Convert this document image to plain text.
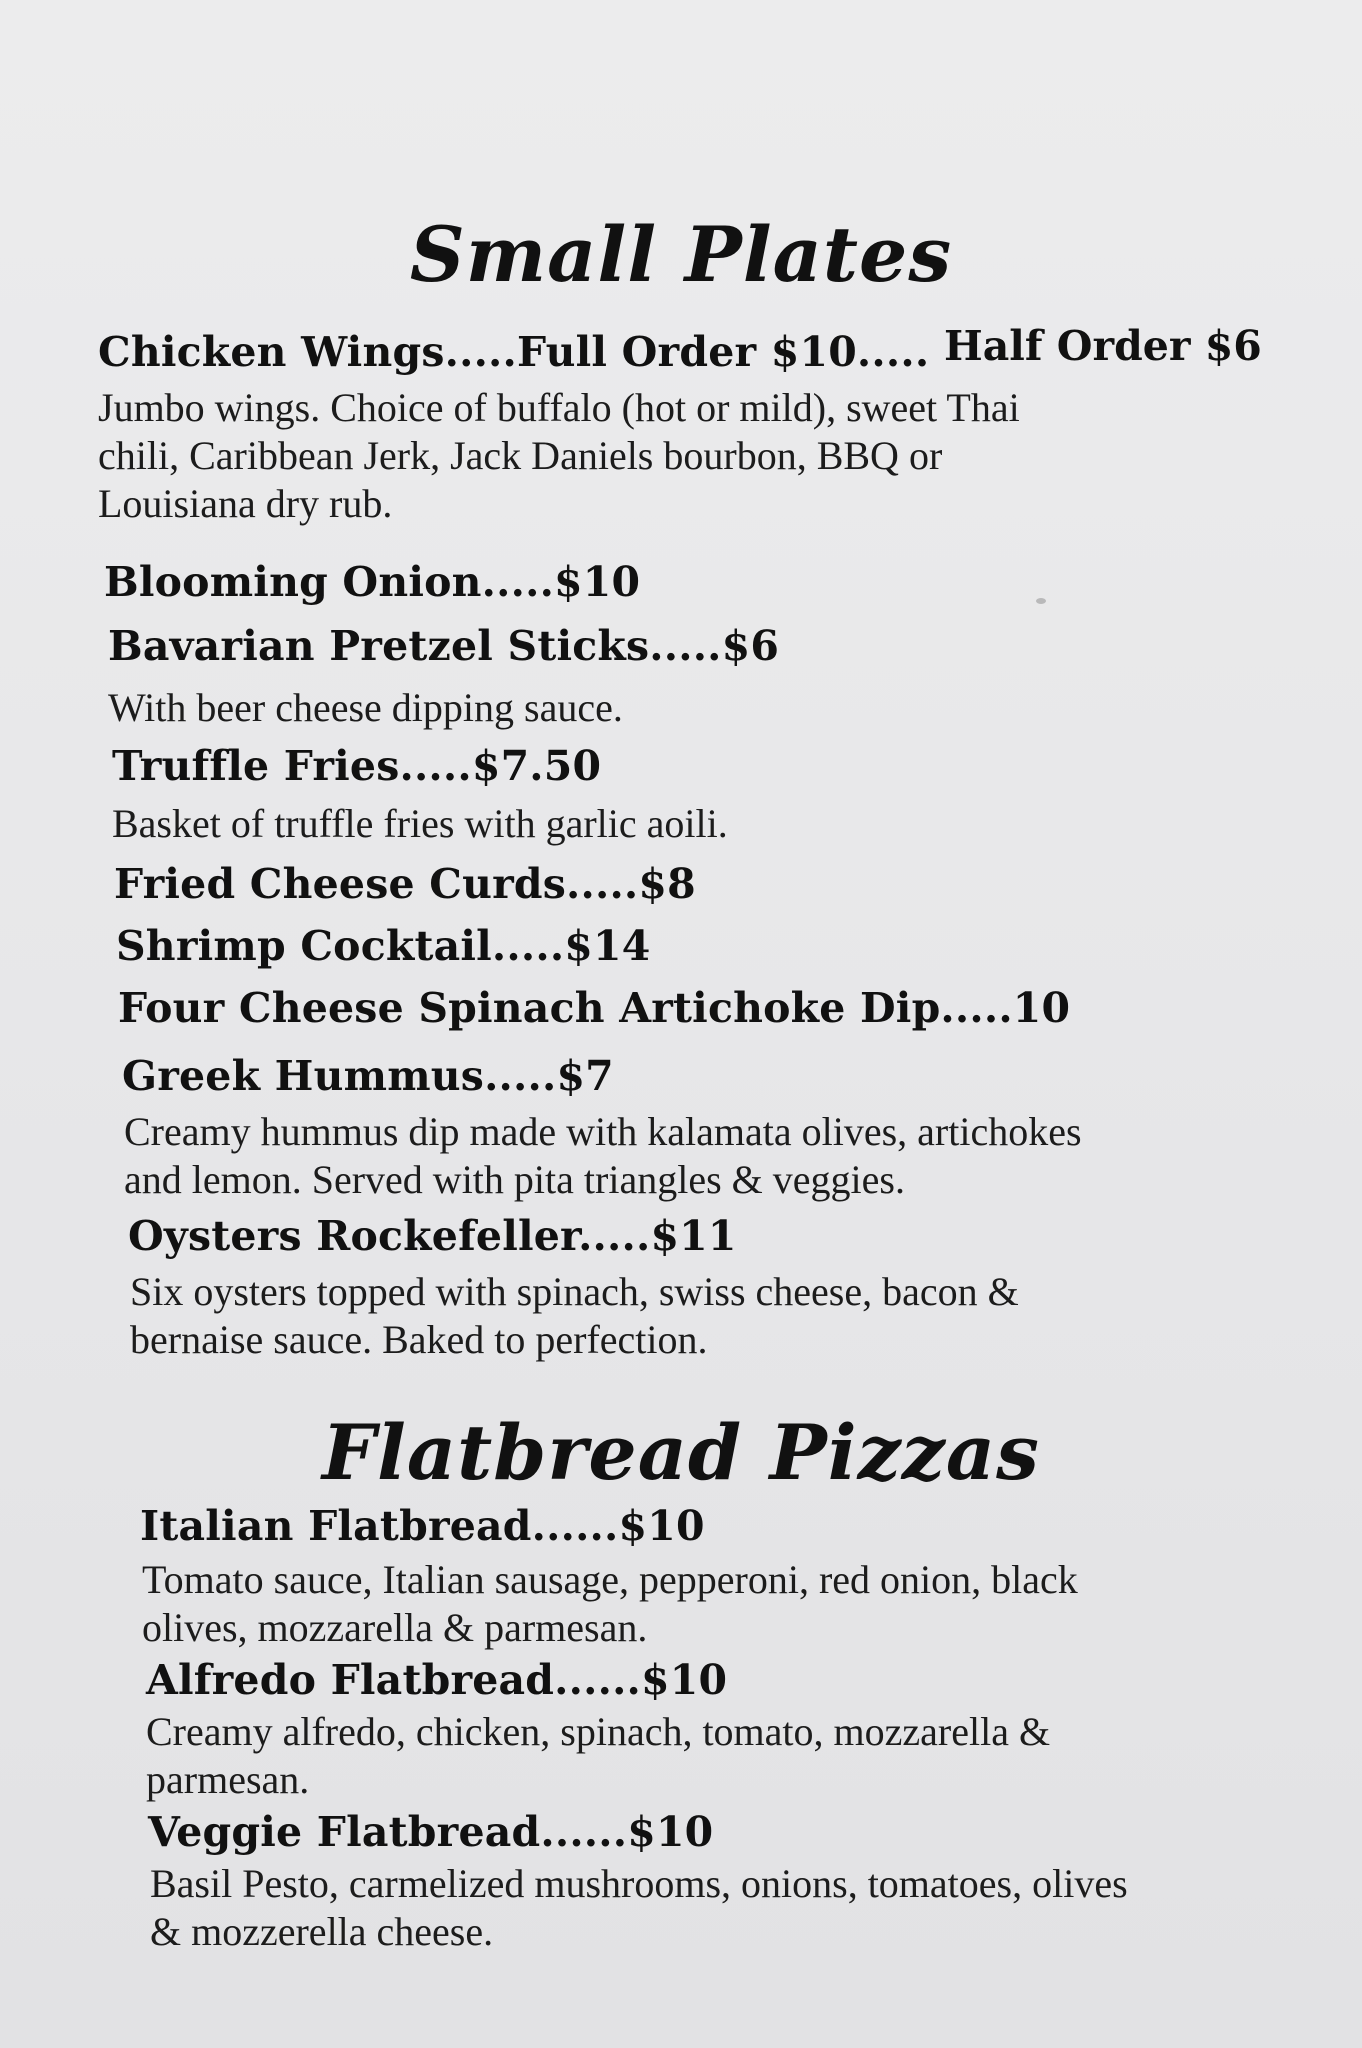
Small Plates
Chicken Wings.....Full Order $10..... Half Order $6
Jumbo wings. Choice of buffalo (hot or mild), sweet Thai
chili, Caribbean Jerk, Jack Daniels bourbon, BBQ or
Louisiana dry rub.
Blooming Onion.....$10
Bavarian Pretzel Sticks.....$6
With beer cheese dipping sauce.
Truffle Fries.....$7.50
Basket of truffle fries with garlic aoili.
Fried Cheese Curds.....$8
Shrimp Cocktail.....$14
Four Cheese Spinach Artichoke Dip.....10
Greek Hummus.....$7
Creamy hummus dip made with kalamata olives, artichokes
and lemon. Served with pita triangles & veggies.
Oysters Rockefeller.....$11
Six oysters topped with spinach, swiss cheese, bacon &
bernaise sauce. Baked to perfection.
Flatbread Pizzas
Italian Flatbread......$10
Tomato sauce, Italian sausage, pepperoni, red onion, black
olives, mozzarella & parmesan.
Alfredo Flatbread......$10
Creamy alfredo, chicken, spinach, tomato, mozzarella &
parmesan.
Veggie Flatbread......$10
Basil Pesto, carmelized mushrooms, onions, tomatoes, olives
& mozzerella cheese.
